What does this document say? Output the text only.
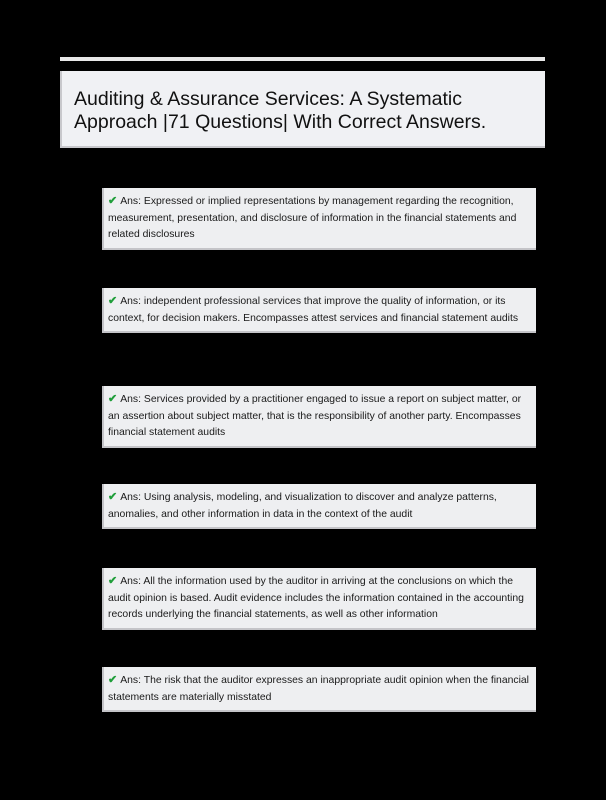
Auditing & Assurance Services: A Systematic Approach |71 Questions| With Correct Answers.
✔ Ans: Expressed or implied representations by management regarding the recognition, measurement, presentation, and disclosure of information in the financial statements and related disclosures
✔ Ans: independent professional services that improve the quality of information, or its context, for decision makers. Encompasses attest services and financial statement audits
✔ Ans: Services provided by a practitioner engaged to issue a report on subject matter, or an assertion about subject matter, that is the responsibility of another party. Encompasses financial statement audits
✔ Ans: Using analysis, modeling, and visualization to discover and analyze patterns, anomalies, and other information in data in the context of the audit
✔ Ans: All the information used by the auditor in arriving at the conclusions on which the audit opinion is based. Audit evidence includes the information contained in the accounting records underlying the financial statements, as well as other information
✔ Ans: The risk that the auditor expresses an inappropriate audit opinion when the financial statements are materially misstated
